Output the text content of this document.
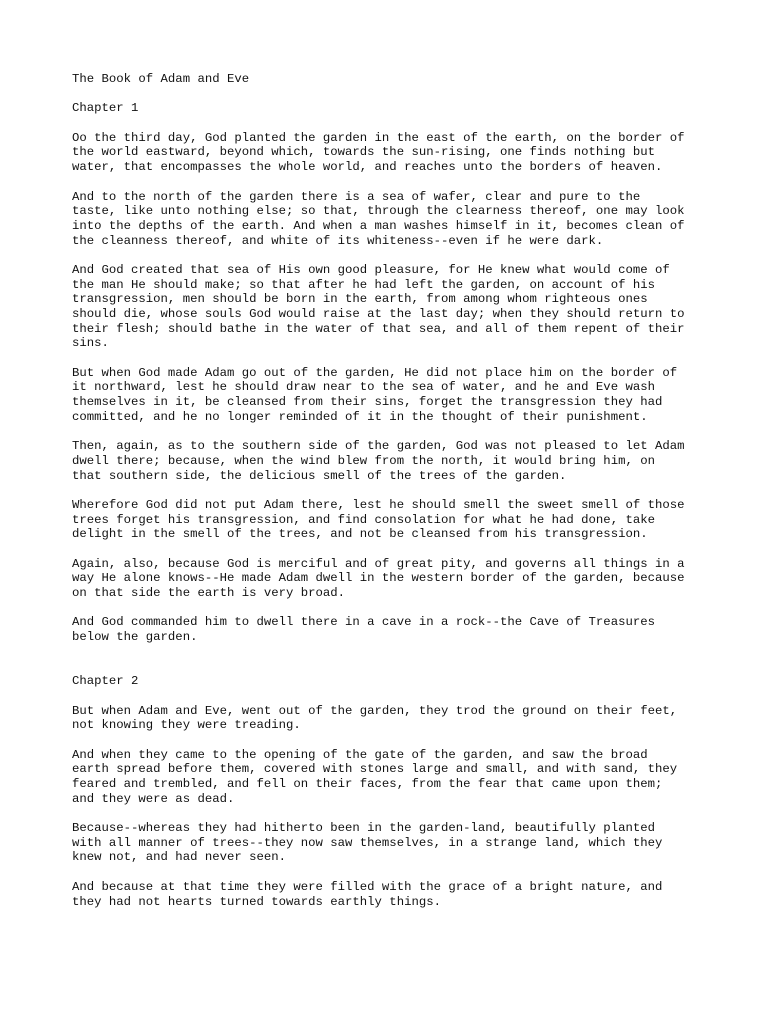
The Book of Adam and Eve
Chapter 1
Oo the third day, God planted the garden in the east of the earth, on the border of
the world eastward, beyond which, towards the sun-rising, one finds nothing but
water, that encompasses the whole world, and reaches unto the borders of heaven.
And to the north of the garden there is a sea of wafer, clear and pure to the
taste, like unto nothing else; so that, through the clearness thereof, one may look
into the depths of the earth. And when a man washes himself in it, becomes clean of
the cleanness thereof, and white of its whiteness--even if he were dark.
And God created that sea of His own good pleasure, for He knew what would come of
the man He should make; so that after he had left the garden, on account of his
transgression, men should be born in the earth, from among whom righteous ones
should die, whose souls God would raise at the last day; when they should return to
their flesh; should bathe in the water of that sea, and all of them repent of their
sins.
But when God made Adam go out of the garden, He did not place him on the border of
it northward, lest he should draw near to the sea of water, and he and Eve wash
themselves in it, be cleansed from their sins, forget the transgression they had
committed, and he no longer reminded of it in the thought of their punishment.
Then, again, as to the southern side of the garden, God was not pleased to let Adam
dwell there; because, when the wind blew from the north, it would bring him, on
that southern side, the delicious smell of the trees of the garden.
Wherefore God did not put Adam there, lest he should smell the sweet smell of those
trees forget his transgression, and find consolation for what he had done, take
delight in the smell of the trees, and not be cleansed from his transgression.
Again, also, because God is merciful and of great pity, and governs all things in a
way He alone knows--He made Adam dwell in the western border of the garden, because
on that side the earth is very broad.
And God commanded him to dwell there in a cave in a rock--the Cave of Treasures
below the garden.
Chapter 2
But when Adam and Eve, went out of the garden, they trod the ground on their feet,
not knowing they were treading.
And when they came to the opening of the gate of the garden, and saw the broad
earth spread before them, covered with stones large and small, and with sand, they
feared and trembled, and fell on their faces, from the fear that came upon them;
and they were as dead.
Because--whereas they had hitherto been in the garden-land, beautifully planted
with all manner of trees--they now saw themselves, in a strange land, which they
knew not, and had never seen.
And because at that time they were filled with the grace of a bright nature, and
they had not hearts turned towards earthly things.
